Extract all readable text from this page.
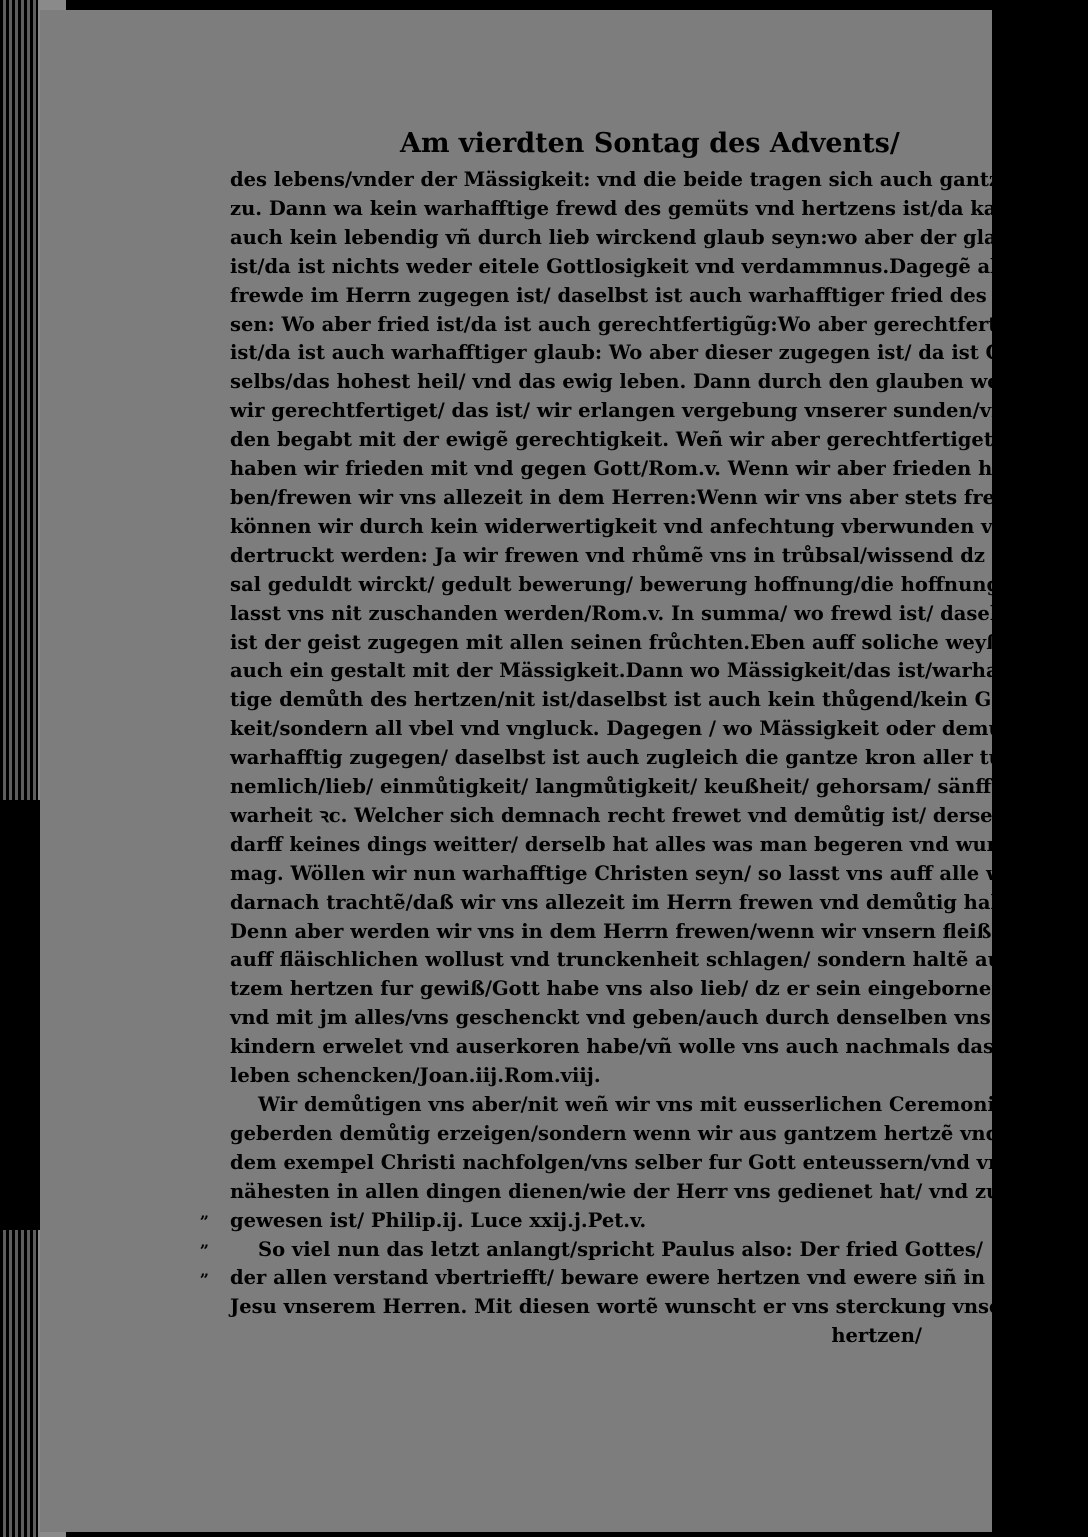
Am vierdten Sontag des Advents/
„
„
„
des lebens/vnder der Mässigkeit: vnd die beide tragen sich auch gantz füglich
zu. Dann wa kein warhafftige frewd des gemüts vnd hertzens ist/da kan
auch kein lebendig vñ durch lieb wirckend glaub seyn:wo aber der glaub nicht
ist/da ist nichts weder eitele Gottlosigkeit vnd verdammnus.Dagegẽ aber/wo
frewde im Herrn zugegen ist/ daselbst ist auch warhafftiger fried des gewis-
sen: Wo aber fried ist/da ist auch gerechtfertigũg:Wo aber gerechtfertigung
ist/da ist auch warhafftiger glaub: Wo aber dieser zugegen ist/ da ist Gott
selbs/das hohest heil/ vnd das ewig leben. Dann durch den glauben werden
wir gerechtfertiget/ das ist/ wir erlangen vergebung vnserer sunden/vñ wer-
den begabt mit der ewigẽ gerechtigkeit. Weñ wir aber gerechtfertiget seynd/
haben wir frieden mit vnd gegen Gott/Rom.v. Wenn wir aber frieden ha-
ben/frewen wir vns allezeit in dem Herren:Wenn wir vns aber stets frewẽ/
können wir durch kein widerwertigkeit vnd anfechtung vberwunden vñ vn-
dertruckt werden: Ja wir frewen vnd rhůmẽ vns in trůbsal/wissend dz trůb-
sal geduldt wirckt/ gedult bewerung/ bewerung hoffnung/die hoffnung aber
lasst vns nit zuschanden werden/Rom.v. In summa/ wo frewd ist/ daselbst
ist der geist zugegen mit allen seinen frůchten.Eben auff soliche weyß hatt es
auch ein gestalt mit der Mässigkeit.Dann wo Mässigkeit/das ist/warhaff-
tige demůth des hertzen/nit ist/daselbst ist auch kein thůgend/kein Gottsälig-
keit/sondern all vbel vnd vngluck. Dagegen / wo Mässigkeit oder demůth
warhafftig zugegen/ daselbst ist auch zugleich die gantze kron aller tůgendẽ/
nemlich/lieb/ einmůtigkeit/ langmůtigkeit/ keußheit/ gehorsam/ sänfftmůt/
warheit ꝛc. Welcher sich demnach recht frewet vnd demůtig ist/ derselb
darff keines dings weitter/ derselb hat alles was man begeren vnd wunschen
mag. Wöllen wir nun warhafftige Christen seyn/ so lasst vns auff alle weg
darnach trachtẽ/daß wir vns allezeit im Herrn frewen vnd demůtig halten.
Denn aber werden wir vns in dem Herrn frewen/wenn wir vnsern fleiß nit
auff fläischlichen wollust vnd trunckenheit schlagen/ sondern haltẽ aus gan-
tzem hertzen fur gewiß/Gott habe vns also lieb/ dz er sein eingebornen Son/
vnd mit jm alles/vns geschenckt vnd geben/auch durch denselben vns zu seinẽ
kindern erwelet vnd auserkoren habe/vñ wolle vns auch nachmals das ewig
leben schencken/Joan.iij.Rom.viij.
Wir demůtigen vns aber/nit weñ wir vns mit eusserlichen Ceremoniẽ vñ
geberden demůtig erzeigen/sondern wenn wir aus gantzem hertzẽ vnd gemůt
dem exempel Christi nachfolgen/vns selber fur Gott enteussern/vnd vnserem
nähesten in allen dingen dienen/wie der Herr vns gedienet hat/ vnd zu willẽ
gewesen ist/ Philip.ij. Luce xxij.j.Pet.v.
So viel nun das letzt anlangt/spricht Paulus also: Der fried Gottes/
der allen verstand vbertriefft/ beware ewere hertzen vnd ewere siñ in Christo
Jesu vnserem Herren. Mit diesen wortẽ wunscht er vns sterckung vnserer
hertzen/
